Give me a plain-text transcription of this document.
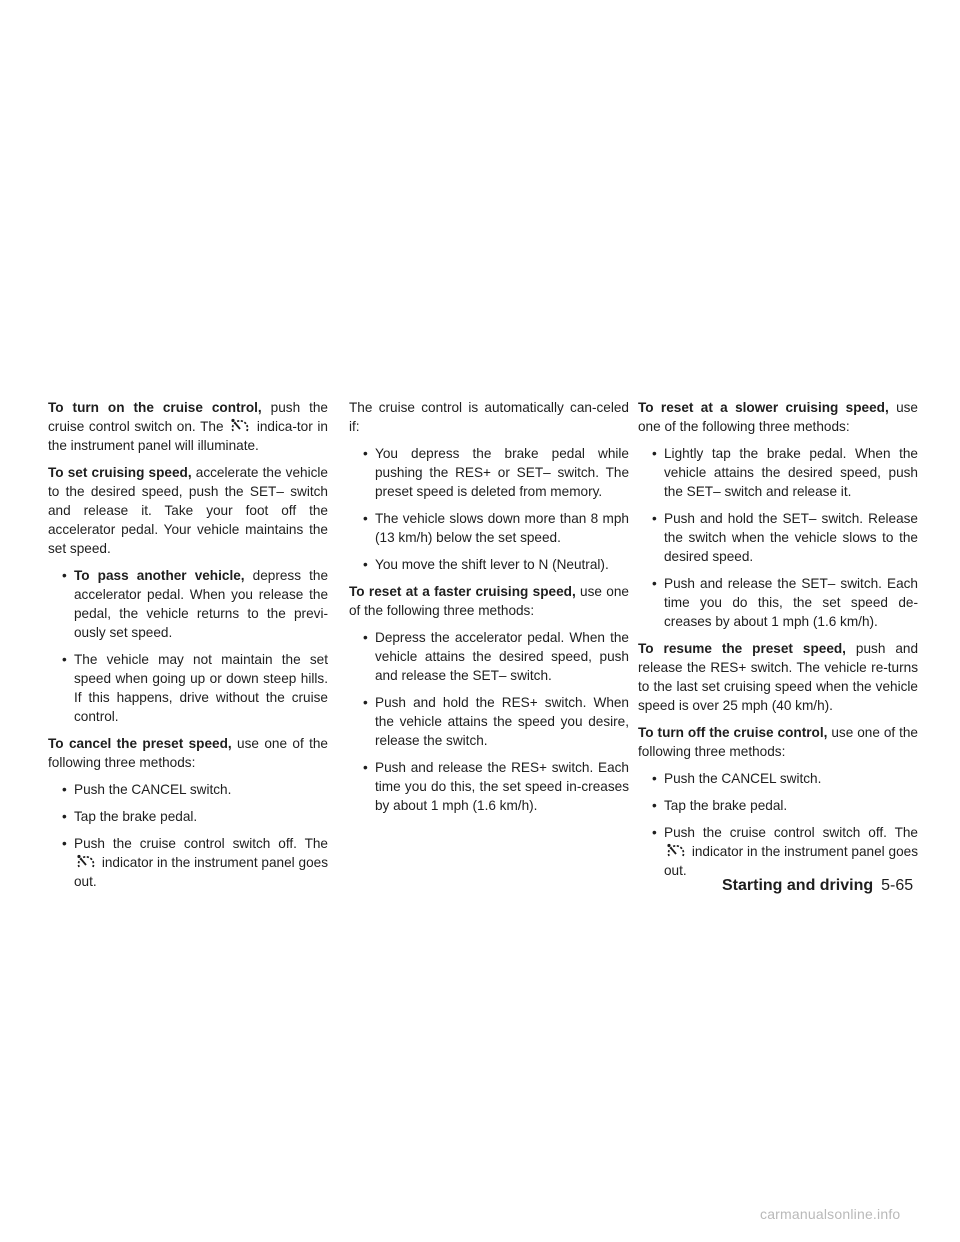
To turn on the cruise control, push the cruise control switch on. The
indica-tor in the instrument panel will illuminate.

To set cruising speed, accelerate the vehicle to the desired speed, push the SET– switch and release it. Take your foot off the accelerator pedal. Your vehicle maintains the set speed.

• To pass another vehicle, depress the accelerator pedal. When you release the pedal, the vehicle returns to the previ-ously set speed.
• The vehicle may not maintain the set speed when going up or down steep hills. If this happens, drive without the cruise control.

To cancel the preset speed, use one of the following three methods:

• Push the CANCEL switch.
• Tap the brake pedal.
• Push the cruise control switch off. The
indicator in the instrument panel goes out.

The cruise control is automatically can-celed if:

• You depress the brake pedal while pushing the RES+ or SET– switch. The preset speed is deleted from memory.
• The vehicle slows down more than 8 mph (13 km/h) below the set speed.
• You move the shift lever to N (Neutral).

To reset at a faster cruising speed, use one of the following three methods:

• Depress the accelerator pedal. When the vehicle attains the desired speed, push and release the SET– switch.
• Push and hold the RES+ switch. When the vehicle attains the speed you desire, release the switch.
• Push and release the RES+ switch. Each time you do this, the set speed in-creases by about 1 mph (1.6 km/h).

To reset at a slower cruising speed, use one of the following three methods:

• Lightly tap the brake pedal. When the vehicle attains the desired speed, push the SET– switch and release it.
• Push and hold the SET– switch. Release the switch when the vehicle slows to the desired speed.
• Push and release the SET– switch. Each time you do this, the set speed de-creases by about 1 mph (1.6 km/h).

To resume the preset speed, push and release the RES+ switch. The vehicle re-turns to the last set cruising speed when the vehicle speed is over 25 mph (40 km/h).

To turn off the cruise control, use one of the following three methods:

• Push the CANCEL switch.
• Tap the brake pedal.
• Push the cruise control switch off. The
indicator in the instrument panel goes out.
Starting and driving 5-65
carmanualsonline.info
